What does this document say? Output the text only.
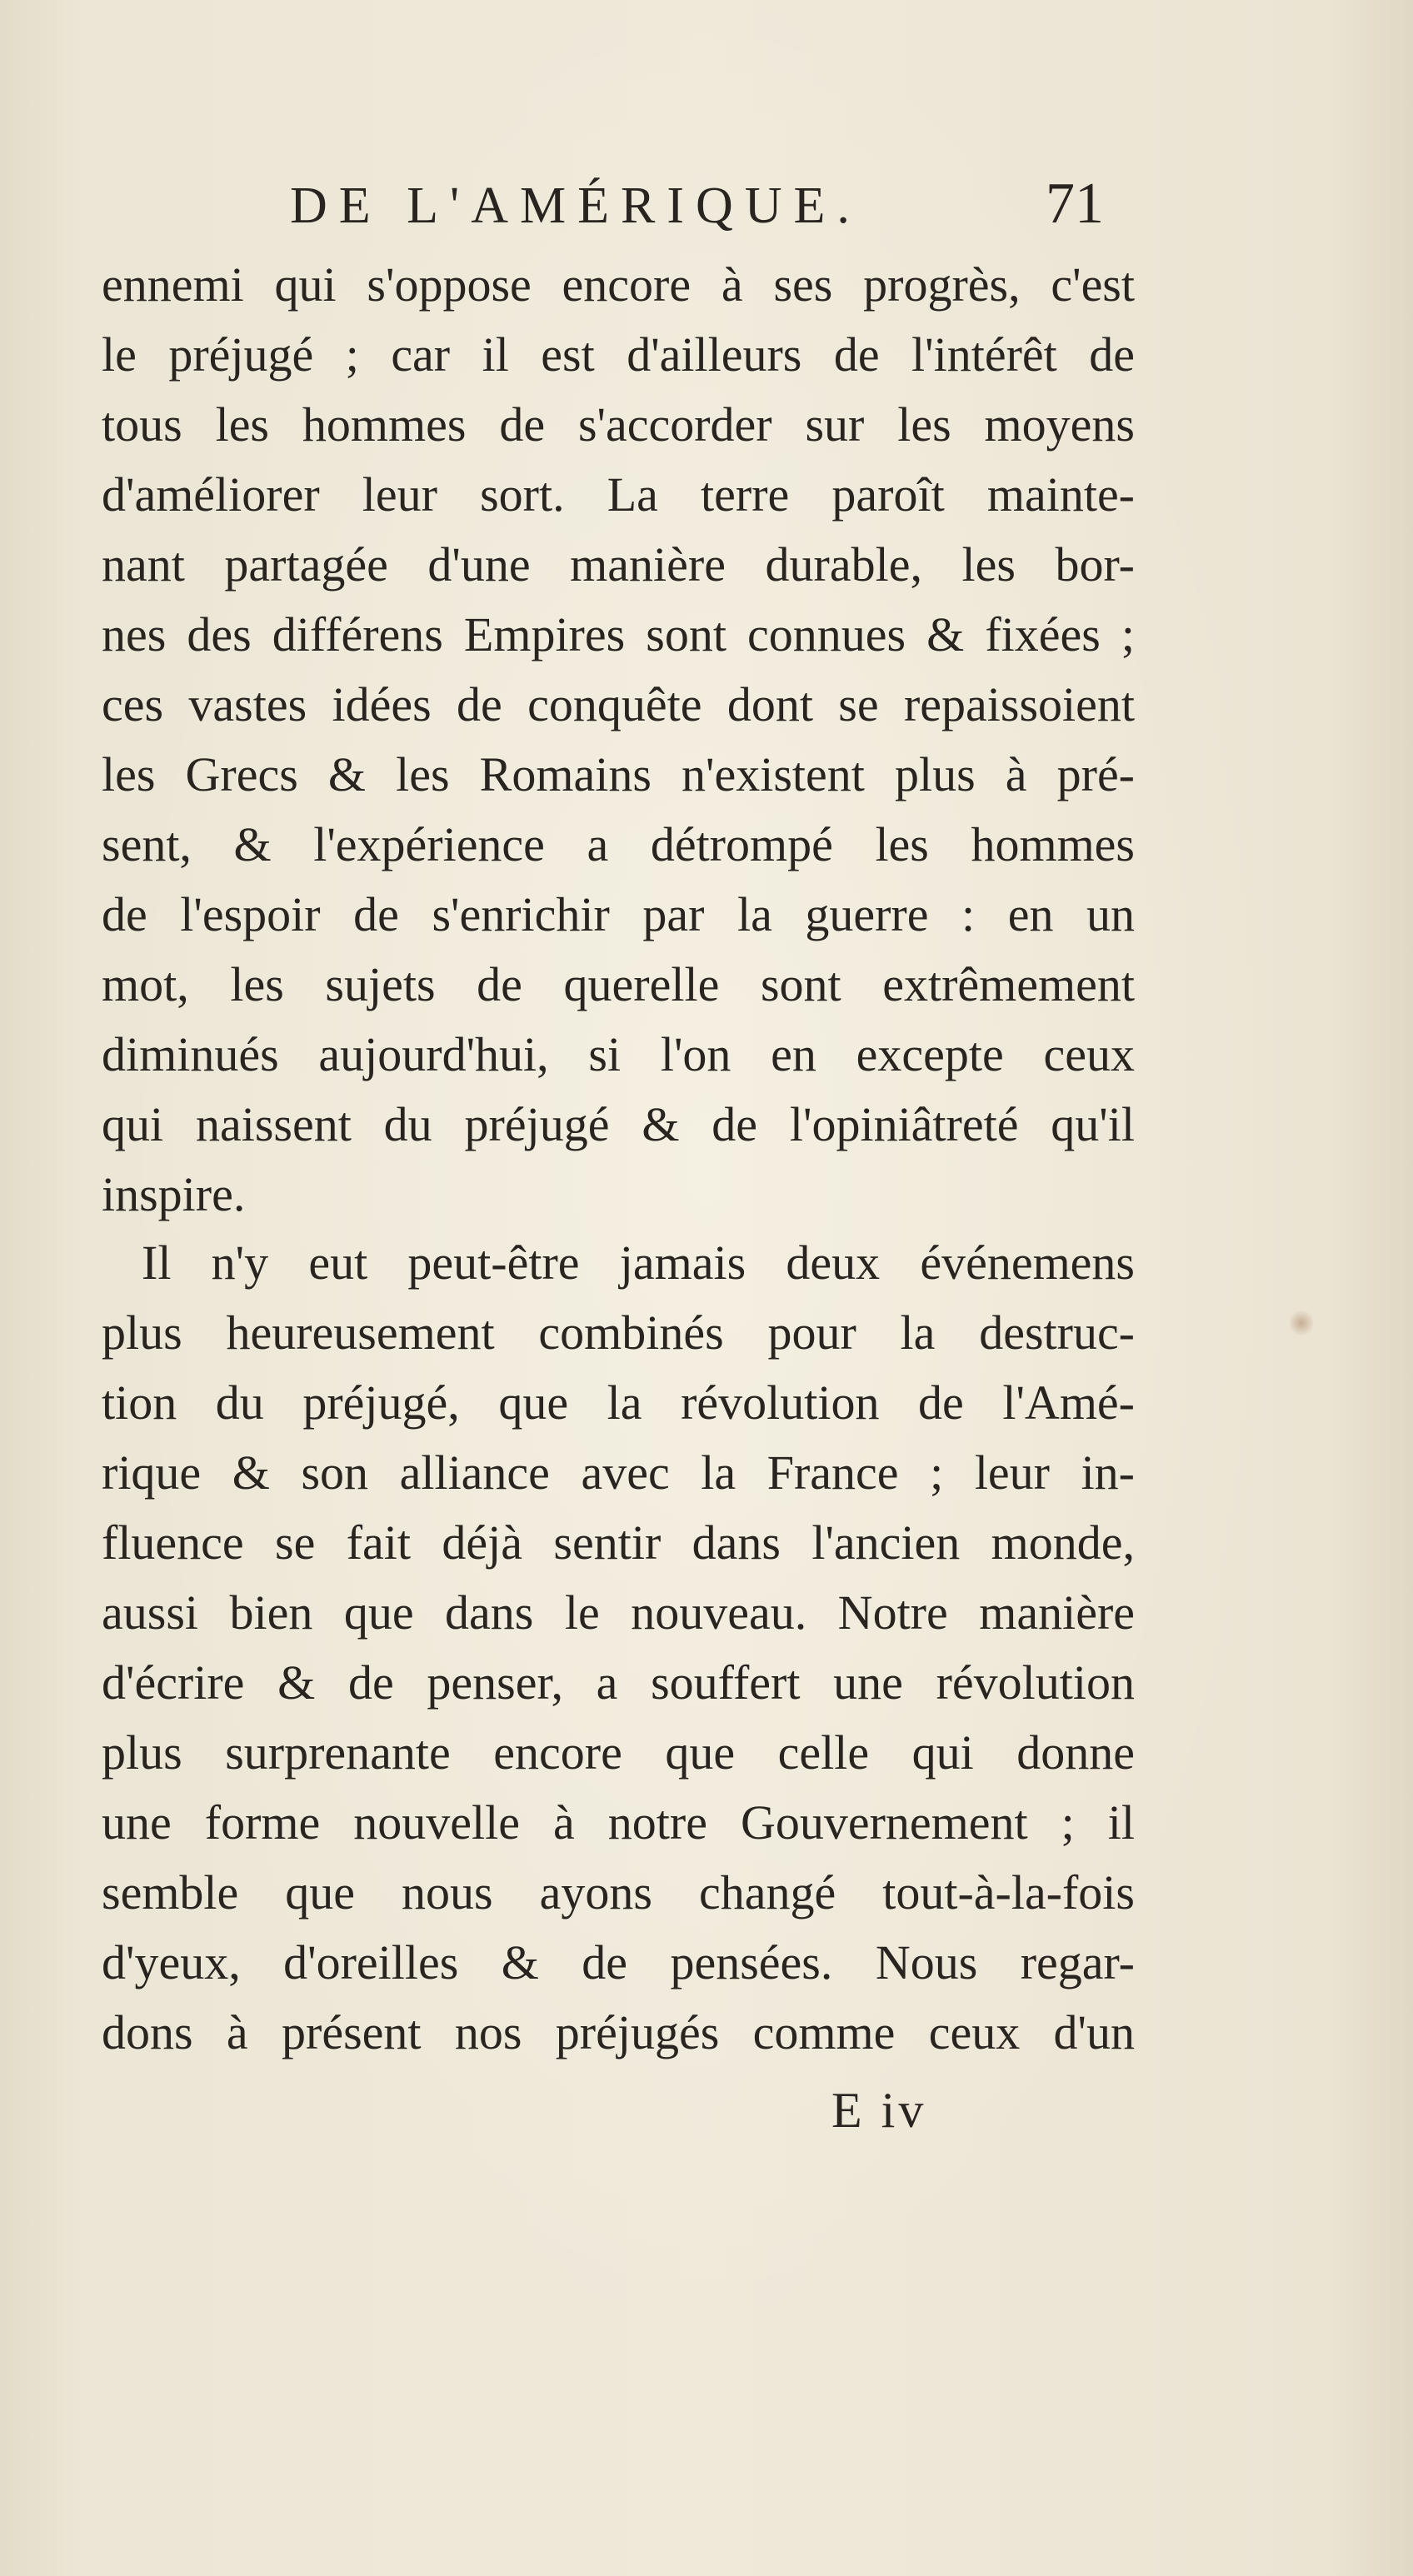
DE L'AMÉRIQUE.	71
ennemi qui s'oppose encore à ses progrès, c'est
le préjugé ; car il est d'ailleurs de l'intérêt de
tous les hommes de s'accorder sur les moyens
d'améliorer leur sort. La terre paroît mainte-
nant partagée d'une manière durable, les bor-
nes des différens Empires sont connues & fixées ;
ces vastes idées de conquête dont se repaissoient
les Grecs & les Romains n'existent plus à pré-
sent, & l'expérience a détrompé les hommes
de l'espoir de s'enrichir par la guerre : en un
mot, les sujets de querelle sont extrêmement
diminués aujourd'hui, si l'on en excepte ceux
qui naissent du préjugé & de l'opiniâtreté qu'il
inspire.
Il n'y eut peut-être jamais deux événemens
plus heureusement combinés pour la destruc-
tion du préjugé, que la révolution de l'Amé-
rique & son alliance avec la France ; leur in-
fluence se fait déjà sentir dans l'ancien monde,
aussi bien que dans le nouveau. Notre manière
d'écrire & de penser, a souffert une révolution
plus surprenante encore que celle qui donne
une forme nouvelle à notre Gouvernement ; il
semble que nous ayons changé tout-à-la-fois
d'yeux, d'oreilles & de pensées. Nous regar-
dons à présent nos préjugés comme ceux d'un
E iv
